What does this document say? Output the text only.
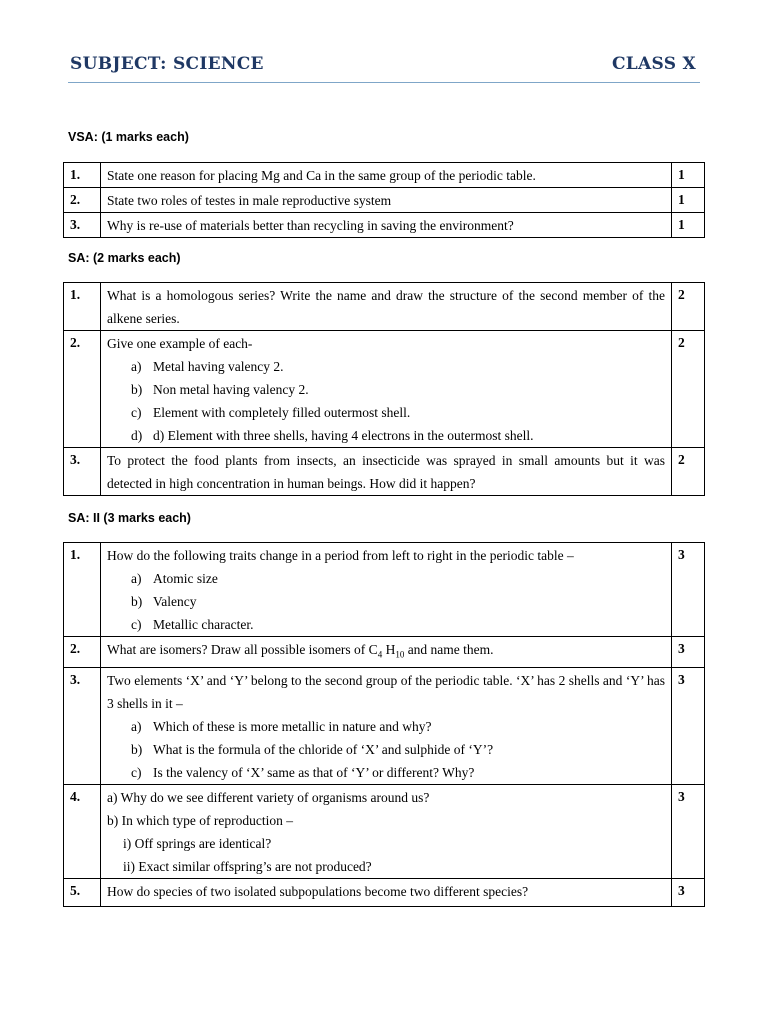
SUBJECT: SCIENCE	CLASS X
VSA: (1 marks each)
1.	State one reason for placing Mg and Ca in the same group of the periodic table.	1
2.	State two roles of testes in male reproductive system	1
3.	Why is re-use of materials better than recycling in saving the environment?	1
SA: (2 marks each)
1.	What is a homologous series? Write the name and draw the structure of the second member of the alkene series.	2
2.	Give one example of each-
a) Metal having valency 2.
b) Non metal having valency 2.
c) Element with completely filled outermost shell.
d) d) Element with three shells, having 4 electrons in the outermost shell.	2
3.	To protect the food plants from insects, an insecticide was sprayed in small amounts but it was detected in high concentration in human beings. How did it happen?	2
SA: II (3 marks each)
1.	How do the following traits change in a period from left to right in the periodic table –
a) Atomic size
b) Valency
c) Metallic character.	3
2.	What are isomers? Draw all possible isomers of $C_4$ $H_{10}$ and name them.	3
3.	Two elements ‘X’ and ‘Y’ belong to the second group of the periodic table. ‘X’ has 2 shells and ‘Y’ has 3 shells in it –
a) Which of these is more metallic in nature and why?
b) What is the formula of the chloride of ‘X’ and sulphide of ‘Y’?
c) Is the valency of ‘X’ same as that of ‘Y’ or different? Why?	3
4.	a) Why do we see different variety of organisms around us?
b) In which type of reproduction –
i) Off springs are identical?
ii) Exact similar offspring’s are not produced?	3
5.	How do species of two isolated subpopulations become two different species?	3
